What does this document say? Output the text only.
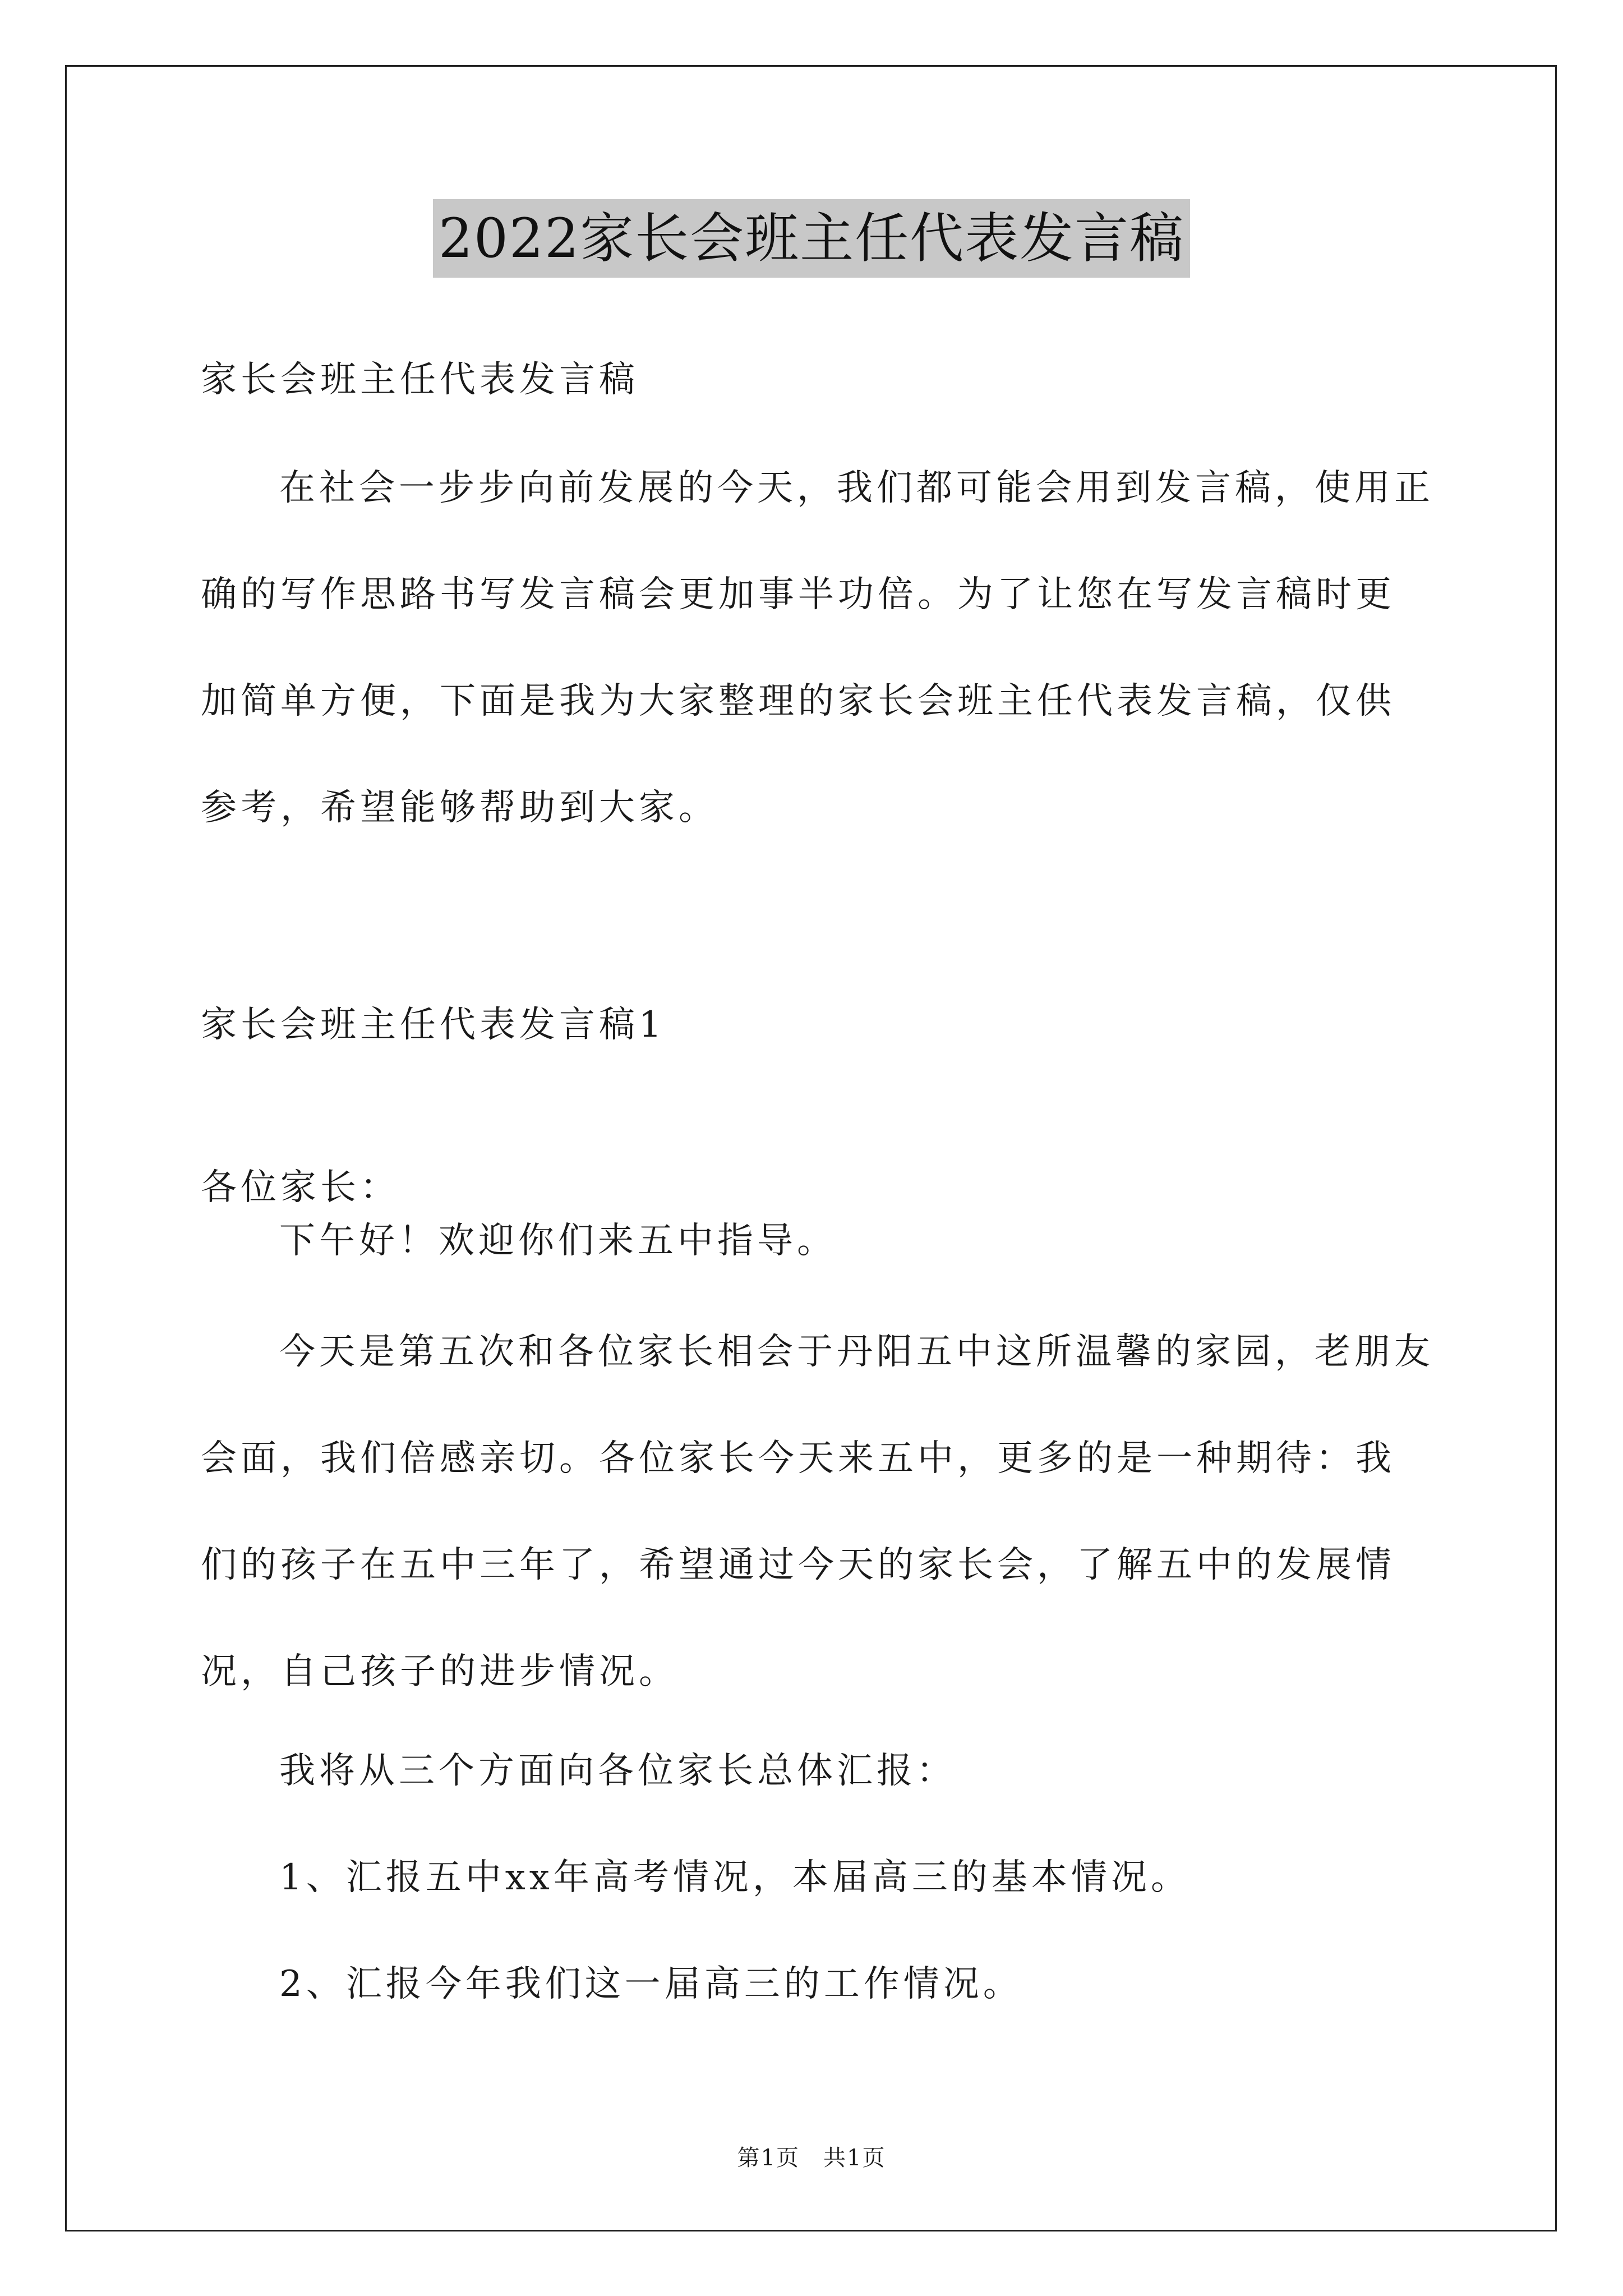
2022家长会班主任代表发言稿
家长会班主任代表发言稿
在社会一步步向前发展的今天，我们都可能会用到发言稿，使用正确的写作思路书写发言稿会更加事半功倍。为了让您在写发言稿时更加简单方便，下面是我为大家整理的家长会班主任代表发言稿，仅供参考，希望能够帮助到大家。
家长会班主任代表发言稿1
各位家长：
下午好！欢迎你们来五中指导。
今天是第五次和各位家长相会于丹阳五中这所温馨的家园，老朋友会面，我们倍感亲切。各位家长今天来五中，更多的是一种期待：我们的孩子在五中三年了，希望通过今天的家长会，了解五中的发展情况，自己孩子的进步情况。
我将从三个方面向各位家长总体汇报：
1、汇报五中xx年高考情况，本届高三的基本情况。
2、汇报今年我们这一届高三的工作情况。
第1页　共1页
